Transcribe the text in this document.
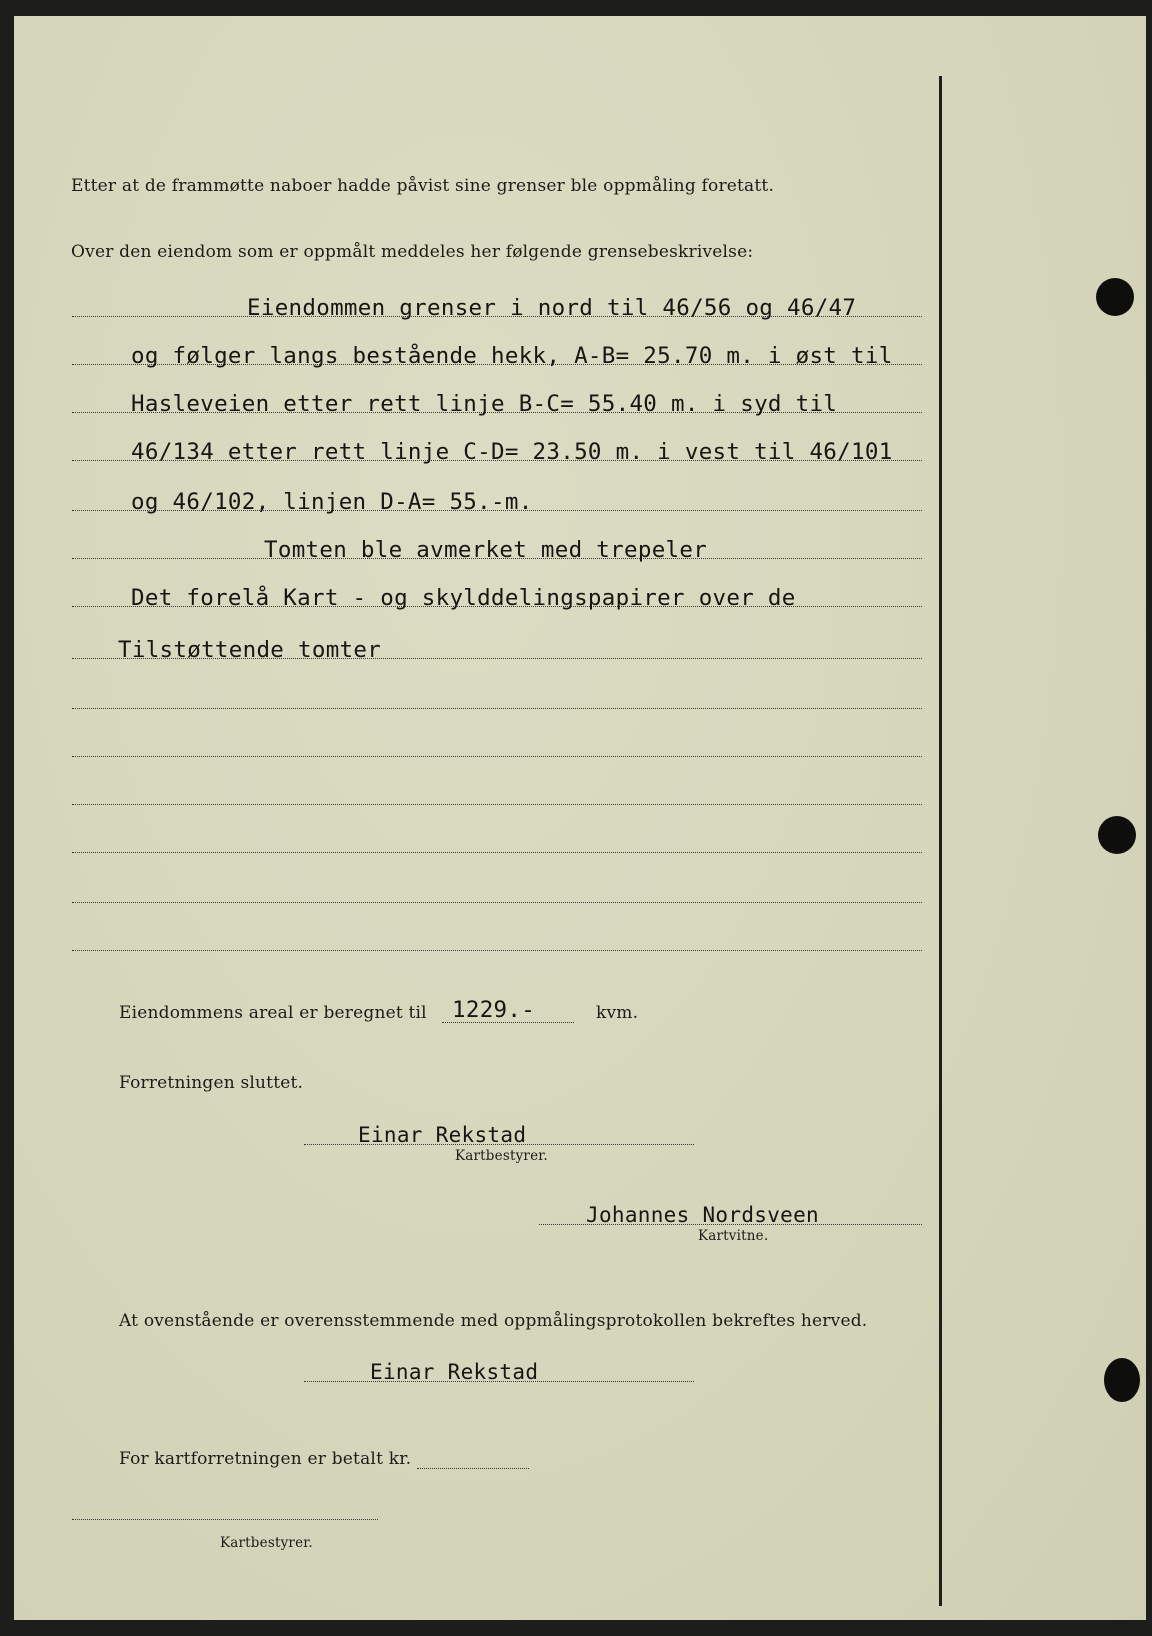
Etter at de frammøtte naboer hadde påvist sine grenser ble oppmåling foretatt.
Over den eiendom som er oppmålt meddeles her følgende grensebeskrivelse:
Eiendommen grenser i nord til 46/56 og 46/47
og følger langs bestående hekk, A-B= 25.70 m. i øst til
Hasleveien etter rett linje B-C= 55.40 m. i syd til
46/134 etter rett linje C-D= 23.50 m. i vest til 46/101
og 46/102, linjen D-A= 55.-m.
Tomten ble avmerket med trepeler
Det forelå Kart - og skylddelingspapirer over de
Tilstøttende tomter
Eiendommens areal er beregnet til 1229.-	kvm.
Forretningen sluttet.
Einar Rekstad
Kartbestyrer.
Johannes Nordsveen
Kartvitne.
At ovenstående er overensstemmende med oppmålingsprotokollen bekreftes herved.
Einar Rekstad
For kartforretningen er betalt kr.
Kartbestyrer.
